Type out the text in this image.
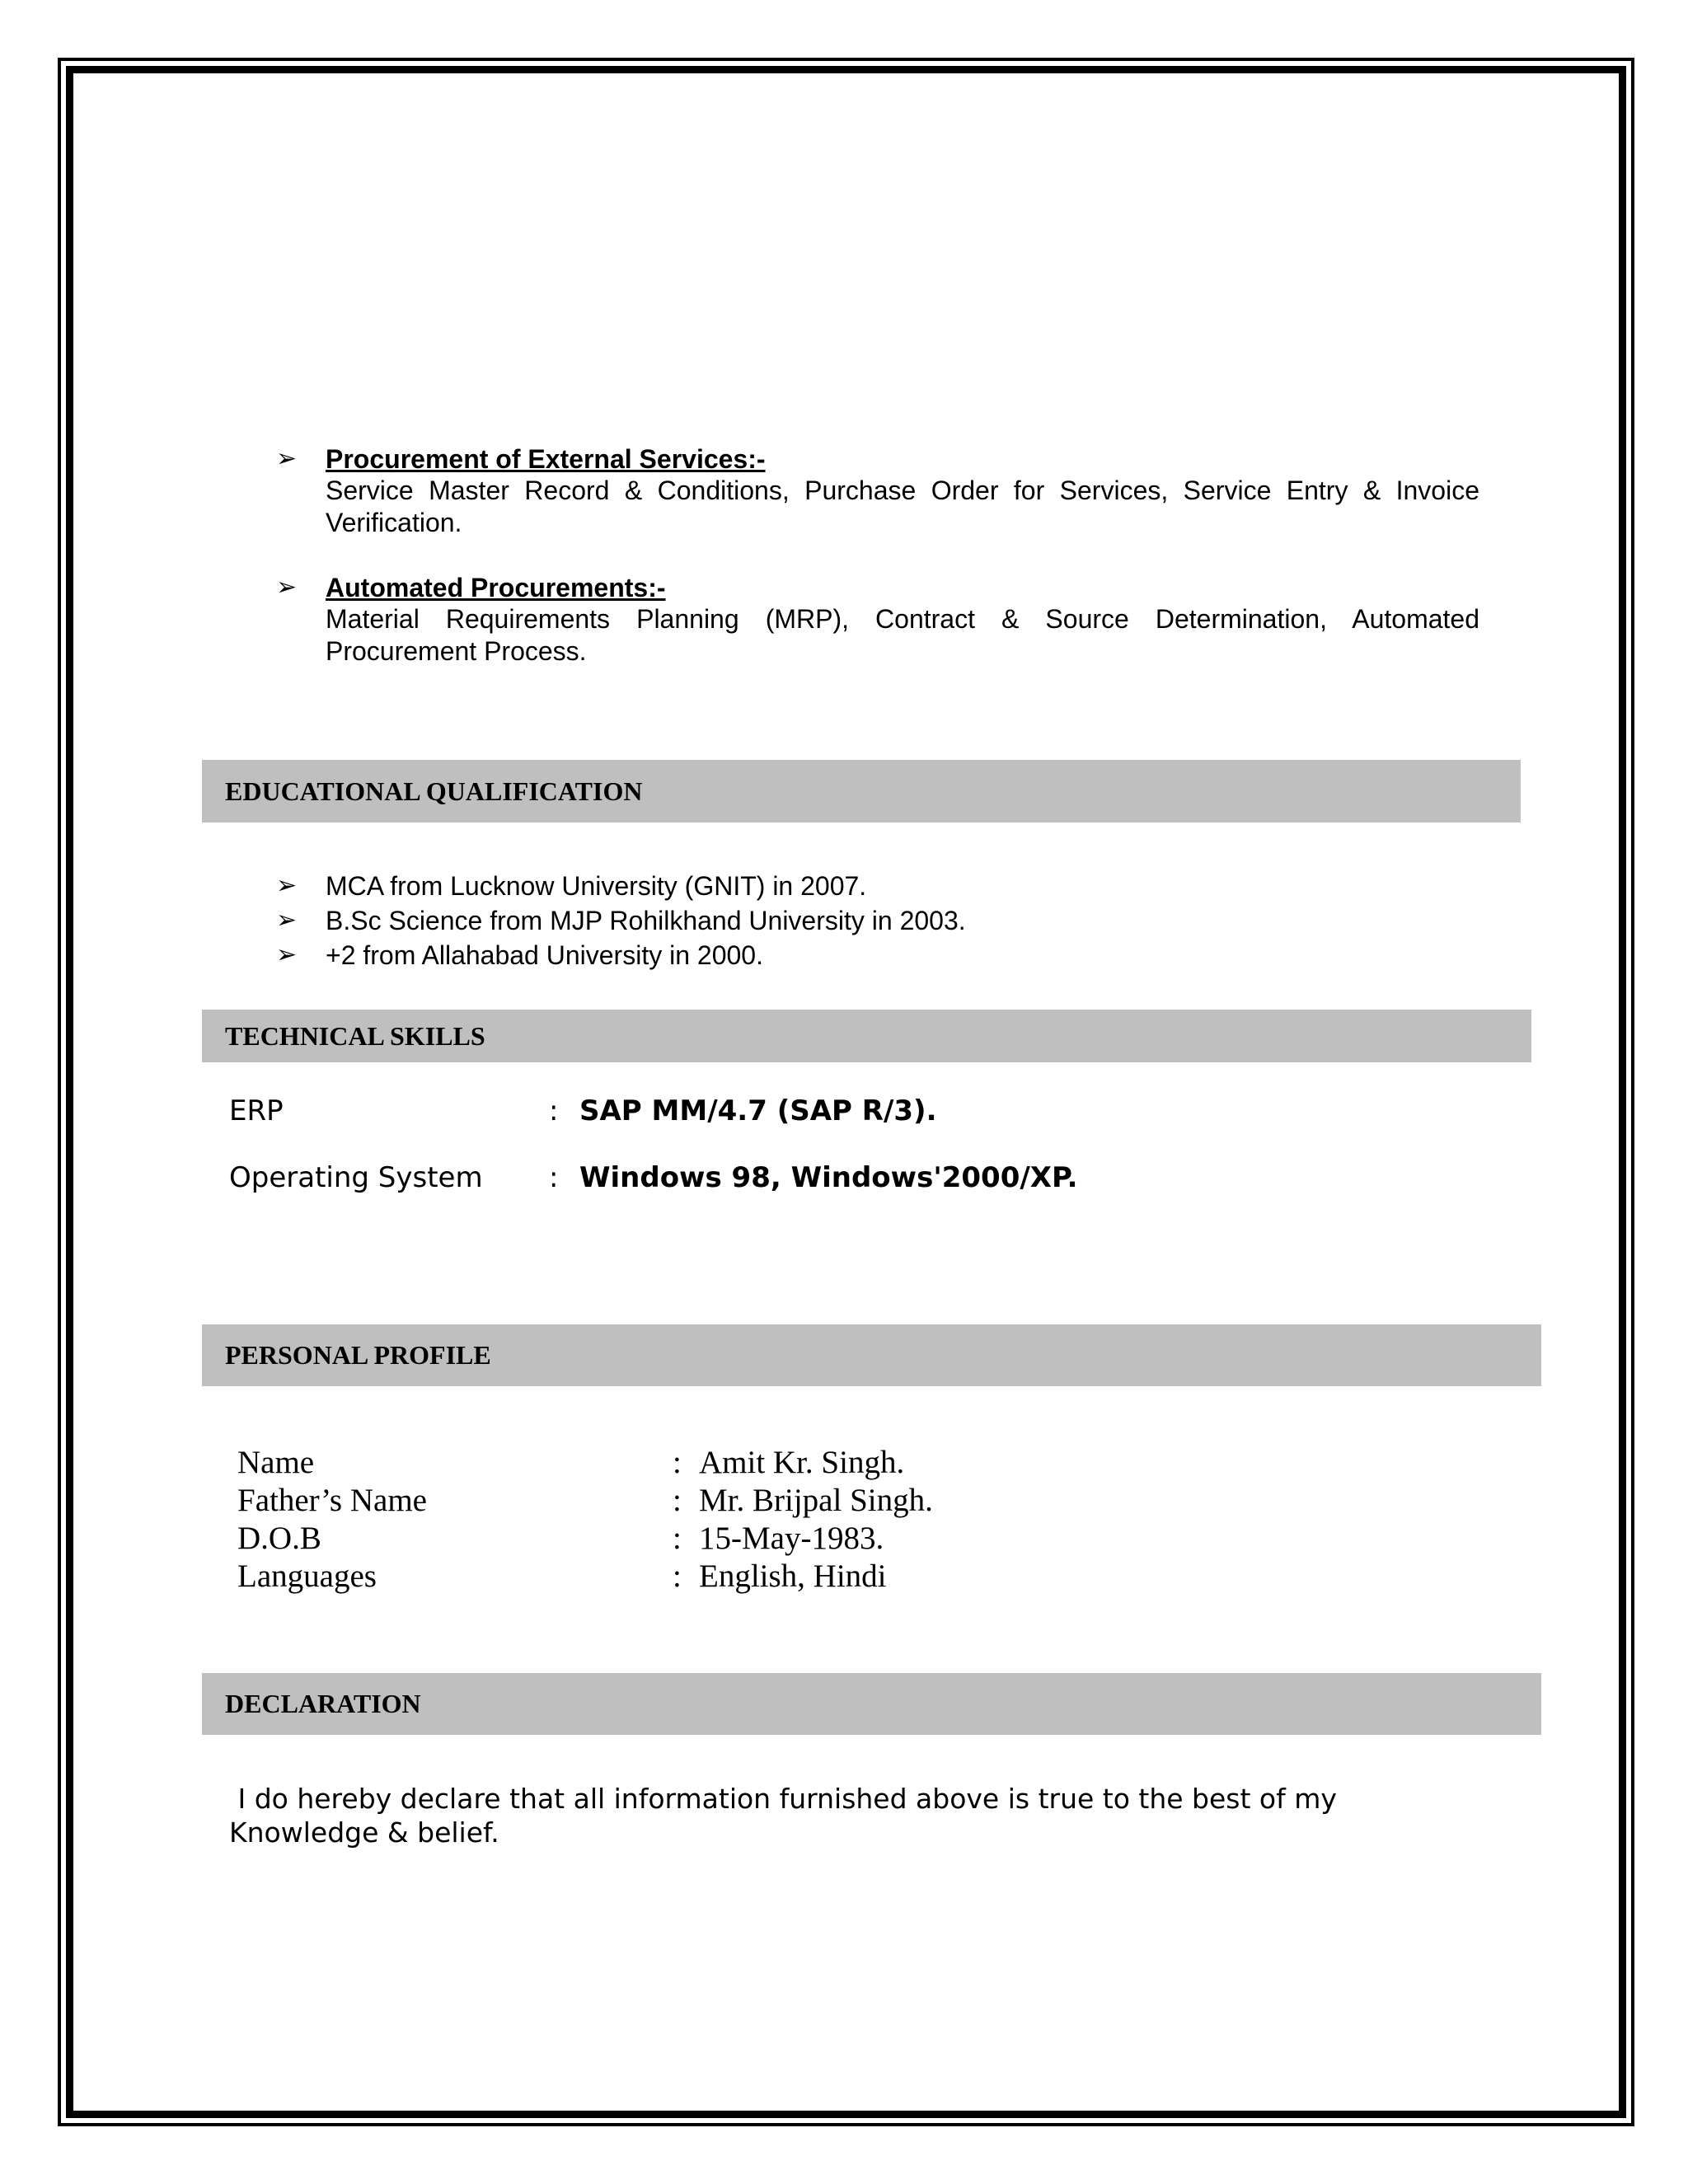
➢ Procurement of External Services:-
Service Master Record & Conditions, Purchase Order for Services, Service Entry & Invoice Verification.
➢ Automated Procurements:-
Material Requirements Planning (MRP), Contract & Source Determination, Automated Procurement Process.
EDUCATIONAL QUALIFICATION
➢ MCA from Lucknow University (GNIT) in 2007.
➢ B.Sc Science from MJP Rohilkhand University in 2003.
➢ +2 from Allahabad University in 2000.
TECHNICAL SKILLS
ERP	: SAP MM/4.7 (SAP R/3).
Operating System : Windows 98, Windows'2000/XP.
PERSONAL PROFILE
Name	: Amit Kr. Singh.
Father’s Name	: Mr. Brijpal Singh.
D.O.B	: 15-May-1983.
Languages	: English, Hindi
DECLARATION
I do hereby declare that all information furnished above is true to the best of my
Knowledge & belief.
